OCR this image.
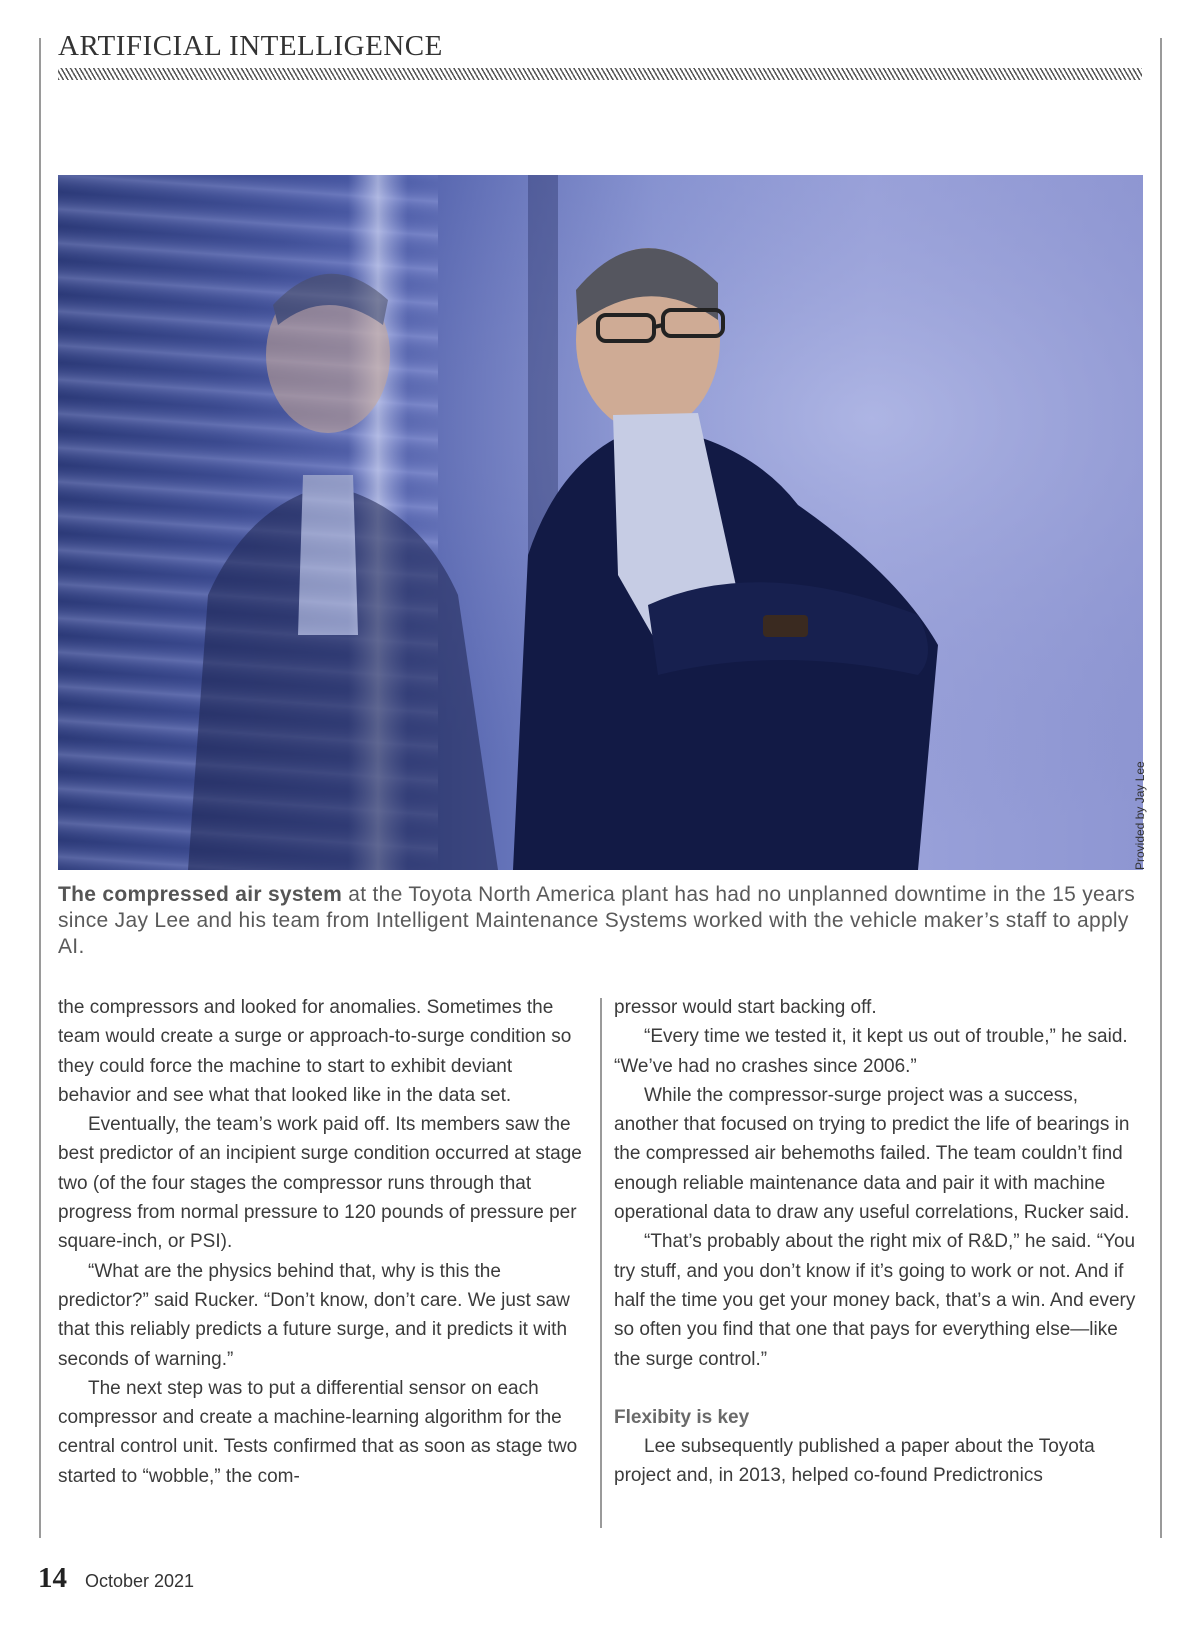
ARTIFICIAL INTELLIGENCE
Provided by Jay Lee
The compressed air system at the Toyota North America plant has had no unplanned downtime in the 15 years since Jay Lee and his team from Intelligent Maintenance Systems worked with the vehicle maker’s staff to apply AI.

the compressors and looked for anomalies. Sometimes the team would create a surge or approach-to-surge condition so they could force the machine to start to exhibit deviant behavior and see what that looked like in the data set.

Eventually, the team’s work paid off. Its members saw the best predictor of an incipient surge condition occurred at stage two (of the four stages the compressor runs through that progress from normal pressure to 120 pounds of pressure per square-inch, or PSI).

“What are the physics behind that, why is this the predictor?” said Rucker. “Don’t know, don’t care. We just saw that this reliably predicts a future surge, and it predicts it with seconds of warning.”

The next step was to put a differential sensor on each compressor and create a machine-learning algorithm for the central control unit. Tests confirmed that as soon as stage two started to “wobble,” the com-

pressor would start backing off.

“Every time we tested it, it kept us out of trouble,” he said. “We’ve had no crashes since 2006.”

While the compressor-surge project was a success, another that focused on trying to predict the life of bearings in the compressed air behemoths failed. The team couldn’t find enough reliable maintenance data and pair it with machine operational data to draw any useful correlations, Rucker said.

“That’s probably about the right mix of R&D,” he said. “You try stuff, and you don’t know if it’s going to work or not. And if half the time you get your money back, that’s a win. And every so often you find that one that pays for everything else—like the surge control.”

Flexibity is key

Lee subsequently published a paper about the Toyota project and, in 2013, helped co-found Predictronics

14 October 2021
